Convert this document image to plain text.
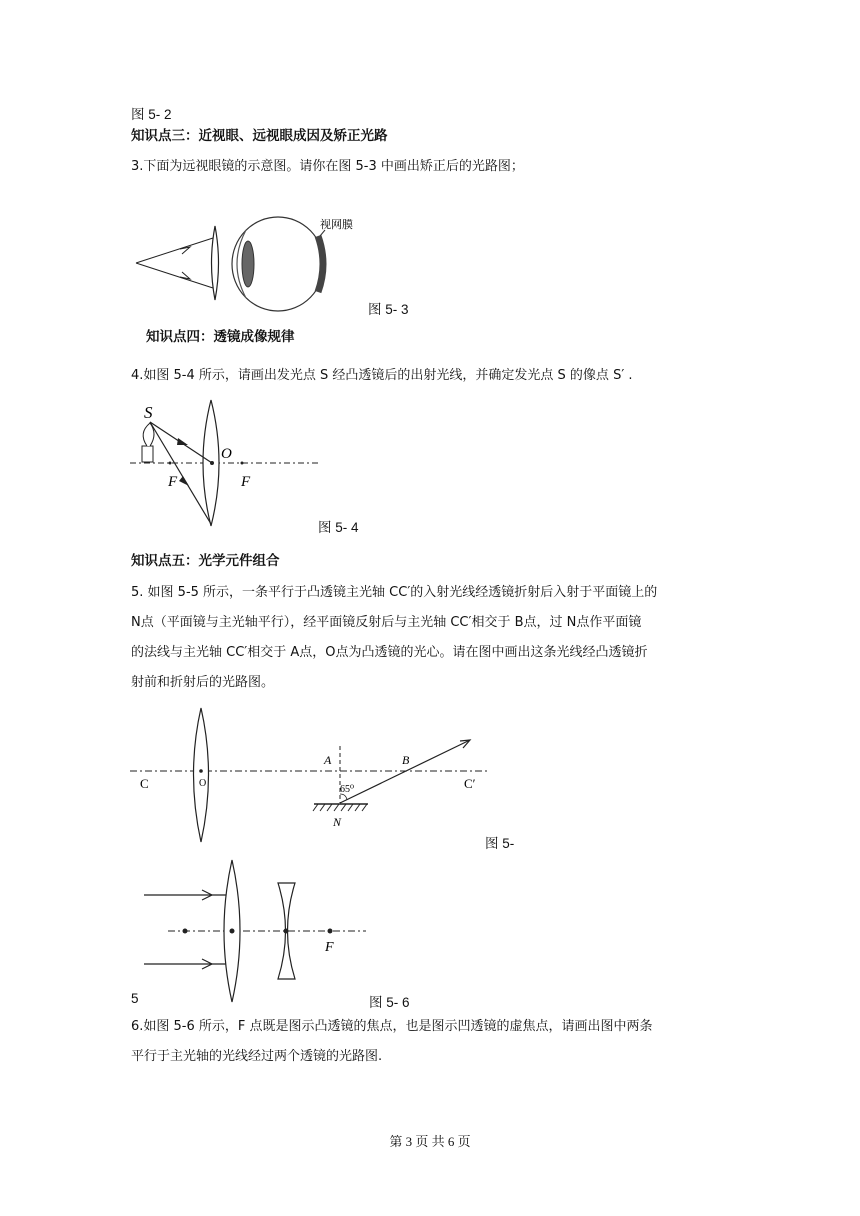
图 5- 2
知识点三：近视眼、远视眼成因及矫正光路
3.下面为远视眼镜的示意图。请你在图 5-3 中画出矫正后的光路图；
视网膜
图 5- 3
知识点四：透镜成像规律
4.如图 5-4 所示，请画出发光点 S 经凸透镜后的出射光线，并确定发光点 S 的像点 S′ .
S
O
F	F
图 5- 4
知识点五：光学元件组合
5. 如图 5-5 所示，一条平行于凸透镜主光轴 CC′的入射光线经透镜折射后入射于平面镜上的
N点（平面镜与主光轴平行），经平面镜反射后与主光轴 CC′相交于 B点，过 N点作平面镜
的法线与主光轴 CC′相交于 A点，O点为凸透镜的光心。请在图中画出这条光线经凸透镜折
射前和折射后的光路图。
C	O
A	B
C′
65⁰
N
图 5-
F
5	图 5- 6
6.如图 5-6 所示，F 点既是图示凸透镜的焦点，也是图示凹透镜的虚焦点，请画出图中两条
平行于主光轴的光线经过两个透镜的光路图.
第 3 页 共 6 页
